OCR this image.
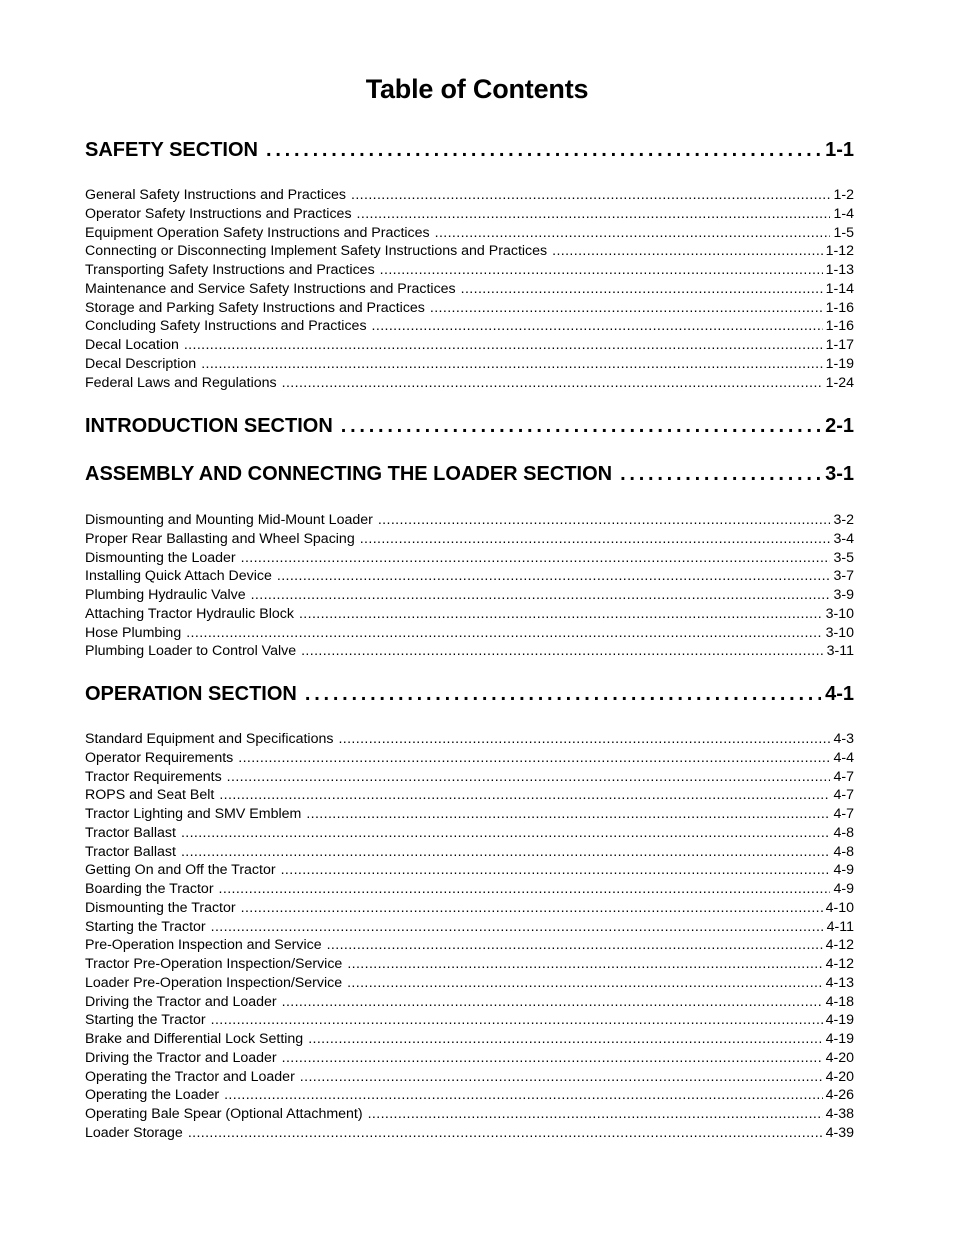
Table of Contents
SAFETY SECTION . . .	1-1
General Safety Instructions and Practices . . .	1-2
Operator Safety Instructions and Practices . . .	1-4
Equipment Operation Safety Instructions and Practices . . .	1-5
Connecting or Disconnecting Implement Safety Instructions and Practices . . .	1-12
Transporting Safety Instructions and Practices . . .	1-13
Maintenance and Service Safety Instructions and Practices . . .	1-14
Storage and Parking Safety Instructions and Practices . . .	1-16
Concluding Safety Instructions and Practices . . .	1-16
Decal Location . . .	1-17
Decal Description . . .	1-19
Federal Laws and Regulations . . .	1-24
INTRODUCTION SECTION . . .	2-1
ASSEMBLY AND CONNECTING THE LOADER SECTION . . .	3-1
Dismounting and Mounting Mid-Mount Loader . . .	3-2
Proper Rear Ballasting and Wheel Spacing . . .	3-4
Dismounting the Loader . . .	3-5
Installing Quick Attach Device . . .	3-7
Plumbing Hydraulic Valve . . .	3-9
Attaching Tractor Hydraulic Block . . .	3-10
Hose Plumbing . . .	3-10
Plumbing Loader to Control Valve . . .	3-11
OPERATION SECTION . . .	4-1
Standard Equipment and Specifications . . .	4-3
Operator Requirements . . .	4-4
Tractor Requirements . . .	4-7
ROPS and Seat Belt . . .	4-7
Tractor Lighting and SMV Emblem . . .	4-7
Tractor Ballast . . .	4-8
Tractor Ballast . . .	4-8
Getting On and Off the Tractor . . .	4-9
Boarding the Tractor . . .	4-9
Dismounting the Tractor . . .	4-10
Starting the Tractor . . .	4-11
Pre-Operation Inspection and Service . . .	4-12
Tractor Pre-Operation Inspection/Service . . .	4-12
Loader Pre-Operation Inspection/Service . . .	4-13
Driving the Tractor and Loader . . .	4-18
Starting the Tractor . . .	4-19
Brake and Differential Lock Setting . . .	4-19
Driving the Tractor and Loader . . .	4-20
Operating the Tractor and Loader . . .	4-20
Operating the Loader . . .	4-26
Operating Bale Spear (Optional Attachment) . . .	4-38
Loader Storage . . .	4-39
